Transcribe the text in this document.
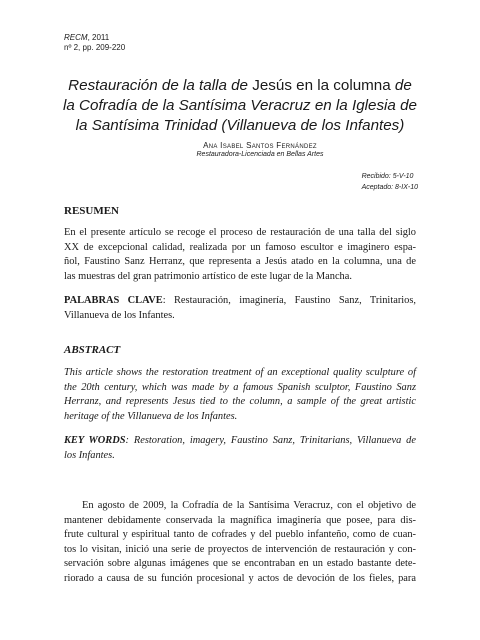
RECM, 2011
nº 2, pp. 209-220
Restauración de la talla de Jesús en la columna de
la Cofradía de la Santísima Veracruz en la Iglesia de
la Santísima Trinidad (Villanueva de los Infantes)
Ana Isabel Santos Fernández
Restauradora-Licenciada en Bellas Artes
Recibido: 5-V-10
Aceptado: 8-IX-10
RESUMEN
En el presente artículo se recoge el proceso de restauración de una talla del siglo
XX de excepcional calidad, realizada por un famoso escultor e imaginero espa-
ñol, Faustino Sanz Herranz, que representa a Jesús atado en la columna, una de
las muestras del gran patrimonio artístico de este lugar de la Mancha.
PALABRAS CLAVE: Restauración, imaginería, Faustino Sanz, Trinitarios,
Villanueva de los Infantes.
ABSTRACT
This article shows the restoration treatment of an exceptional quality sculpture of
the 20th century, which was made by a famous Spanish sculptor, Faustino Sanz
Herranz, and represents Jesus tied to the column, a sample of the great artistic
heritage of the Villanueva de los Infantes.
KEY WORDS: Restoration, imagery, Faustino Sanz, Trinitarians, Villanueva de
los Infantes.
En agosto de 2009, la Cofradía de la Santísima Veracruz, con el objetivo de
mantener debidamente conservada la magnífica imaginería que posee, para dis-
frute cultural y espiritual tanto de cofrades y del pueblo infanteño, como de cuan-
tos lo visitan, inició una serie de proyectos de intervención de restauración y con-
servación sobre algunas imágenes que se encontraban en un estado bastante dete-
riorado a causa de su función procesional y actos de devoción de los fieles, para
